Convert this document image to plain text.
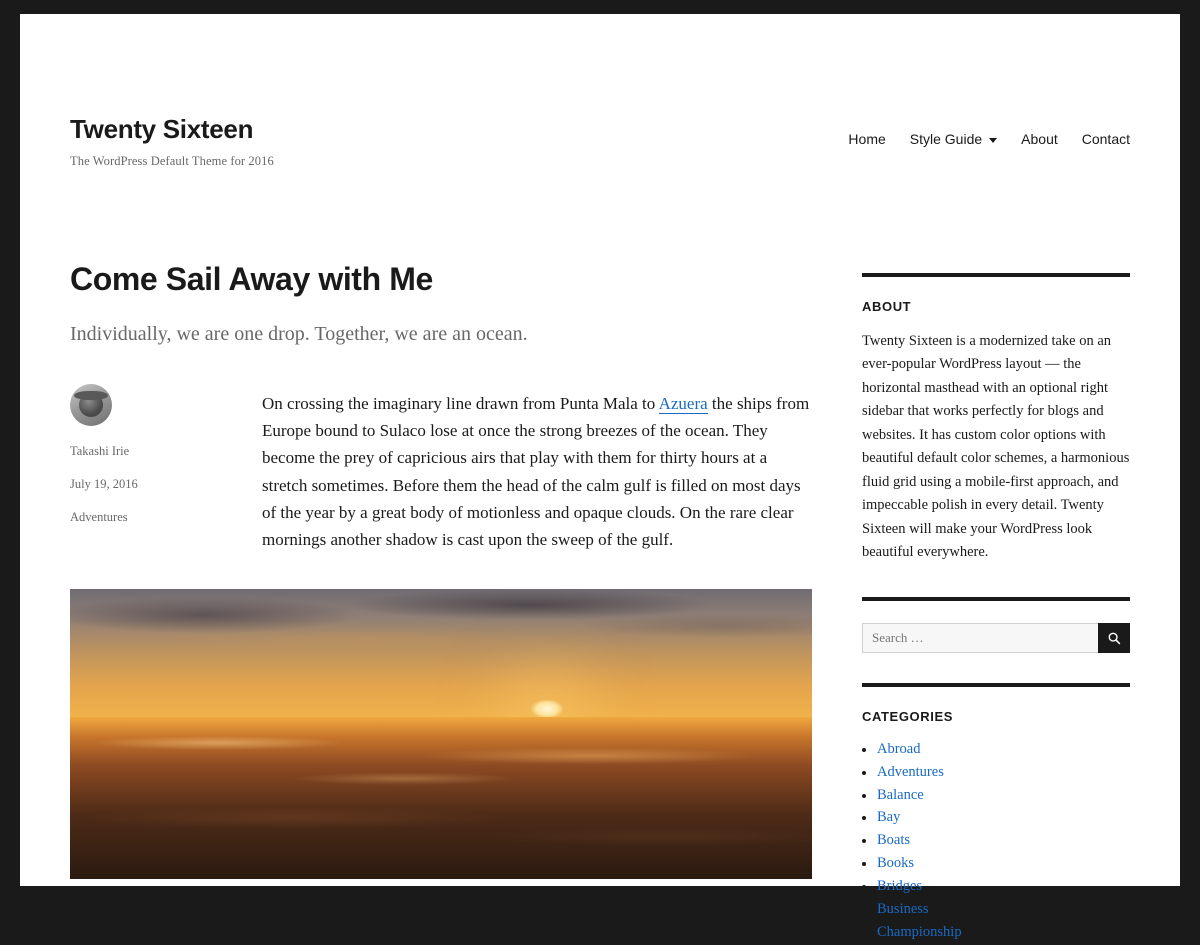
Twenty Sixteen
The WordPress Default Theme for 2016
Home Style Guide	About Contact
Come Sail Away with Me
Individually, we are one drop. Together, we are an ocean.
Takashi Irie
July 19, 2016
Adventures
On crossing the imaginary line drawn from Punta Mala to Azuera the ships from Europe bound to Sulaco lose at once the strong breezes of the ocean. They become the prey of capricious airs that play with them for thirty hours at a stretch sometimes. Before them the head of the calm gulf is filled on most days of the year by a great body of motionless and opaque clouds. On the rare clear mornings another shadow is cast upon the sweep of the gulf.
ABOUT
Twenty Sixteen is a modernized take on an ever-popular WordPress layout — the horizontal masthead with an optional right sidebar that works perfectly for blogs and websites. It has custom color options with beautiful default color schemes, a harmonious fluid grid using a mobile-first approach, and impeccable polish in every detail. Twenty Sixteen will make your WordPress look beautiful everywhere.
Search …
CATEGORIES
Abroad
Adventures
Balance
Bay
Boats
Books
Bridges
Business
Championship
